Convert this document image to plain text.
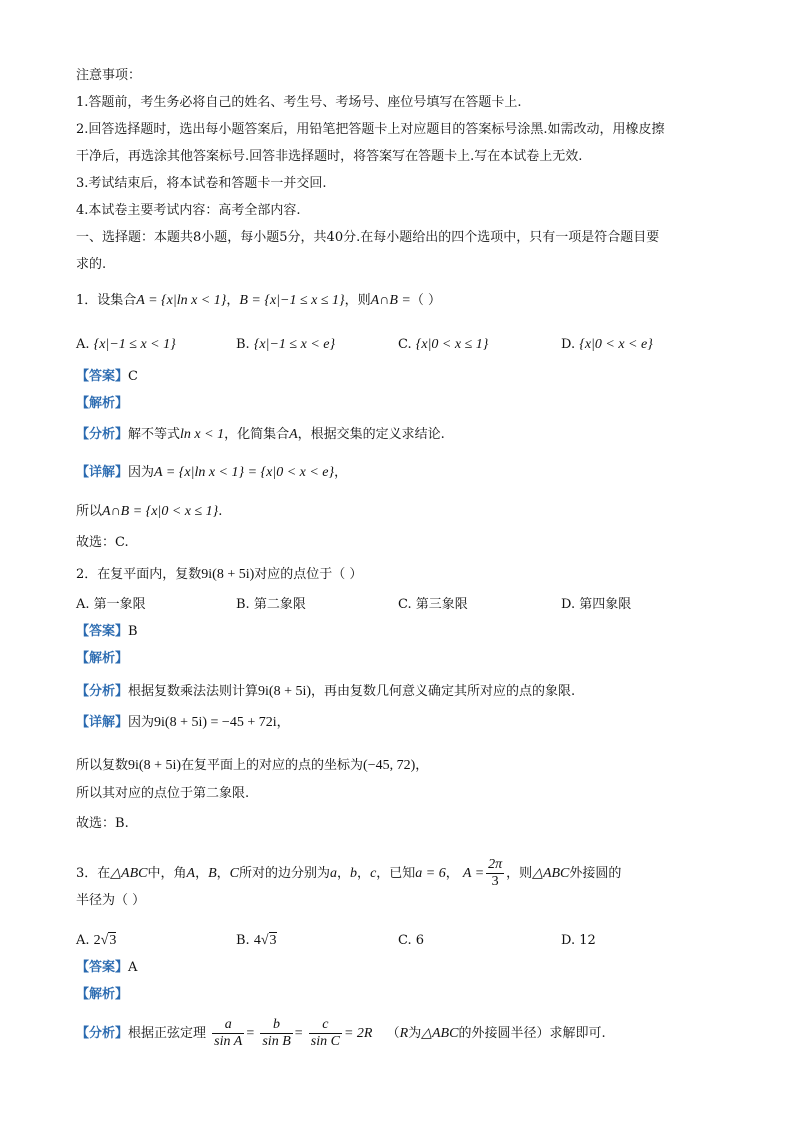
注意事项：
1.答题前，考生务必将自己的姓名、考生号、考场号、座位号填写在答题卡上.
2.回答选择题时，选出每小题答案后，用铅笔把答题卡上对应题目的答案标号涂黑.如需改动，用橡皮擦
干净后，再选涂其他答案标号.回答非选择题时，将答案写在答题卡上.写在本试卷上无效.
3.考试结束后，将本试卷和答题卡一并交回.
4.本试卷主要考试内容：高考全部内容.
一、选择题：本题共8小题，每小题5分，共40分.在每小题给出的四个选项中，只有一项是符合题目要
求的.
1．设集合A = {x|ln x < 1}，B = {x|−1 ≤ x ≤ 1}，则A∩B =（ ）
A. {x|−1 ≤ x < 1}	B. {x|−1 ≤ x < e}	C. {x|0 < x ≤ 1}	D. {x|0 < x < e}
【答案】C
【解析】
【分析】解不等式ln x < 1，化简集合A，根据交集的定义求结论.
【详解】因为A = {x|ln x < 1} = {x|0 < x < e}，
所以A∩B = {x|0 < x ≤ 1}.
故选：C.
2．在复平面内，复数9i(8 + 5i)对应的点位于（ ）
A. 第一象限	B. 第二象限	C. 第三象限	D. 第四象限
【答案】B
【解析】
【分析】根据复数乘法法则计算9i(8 + 5i)，再由复数几何意义确定其所对应的点的象限.
【详解】因为9i(8 + 5i) = −45 + 72i，
所以复数9i(8 + 5i)在复平面上的对应的点的坐标为(−45, 72)，
所以其对应的点位于第二象限.
故选：B.
3．在△ABC中，角A，B，C所对的边分别为a，b，c，已知a = 6， $A = \frac{2\pi}{3}$ ，则△ABC外接圆的
半径为（ ）
A. 2√3	B. 4√3	C. 6	D. 12
【答案】A
【解析】
【分析】根据正弦定理 $\frac{a}{\text{sin A}} = \frac{b}{\text{sin B}} = \frac{c}{\text{sin C}} = 2R$ （R为△ABC的外接圆半径）求解即可.
